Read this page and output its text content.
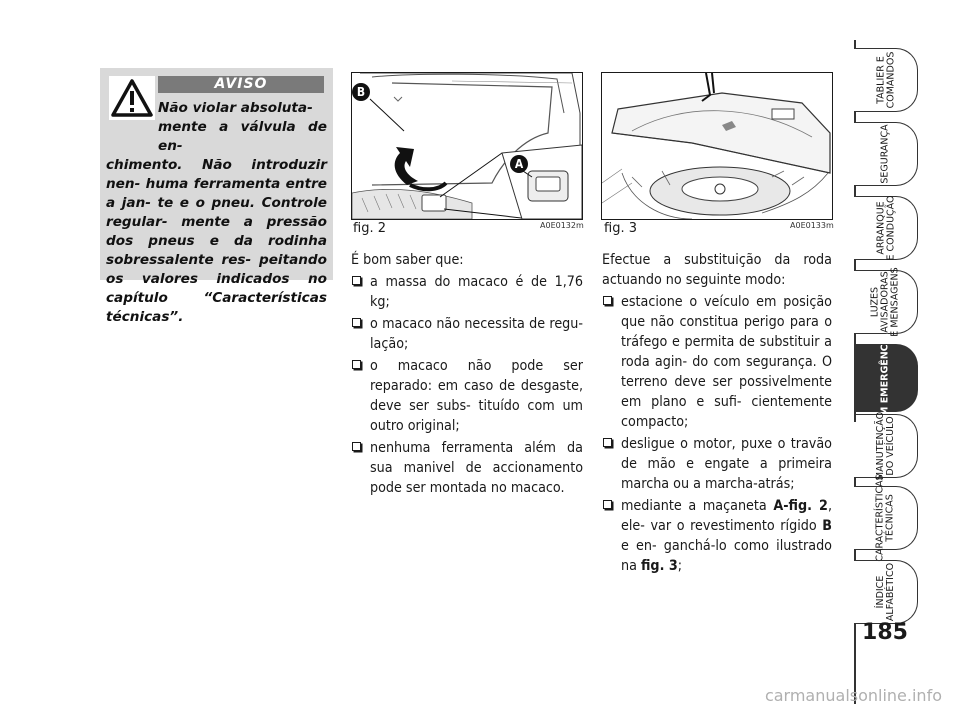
AVISO
Não violar absoluta-
mente a válvula de en-
chimento. Não introduzir nen- huma ferramenta entre a jan- te e o pneu. Controle regular- mente a pressão dos pneus e da rodinha sobressalente res- peitando os valores indicados no capítulo “Características técnicas”.
B
A
fig. 2	A0E0132m fig. 3	A0E0133m

É bom saber que:

a massa do macaco é de 1,76 kg;

o macaco não necessita de regu- lação;

o macaco não pode ser reparado: em caso de desgaste, deve ser subs- tituído com um outro original;

nenhuma ferramenta além da sua manivel de accionamento pode ser montada no macaco.

Efectue a substituição da roda actuando no seguinte modo:

estacione o veículo em posição que não constitua perigo para o tráfego e permita de substituir a roda agin- do com segurança. O terreno deve ser possivelmente em plano e sufi- cientemente compacto;

desligue o motor, puxe o travão de mão e engate a primeira marcha ou a marcha-atrás;

mediante a maçaneta A-fig. 2, ele- var o revestimento rígido B e en- ganchá-lo como ilustrado na fig. 3;

TABLIER E
COMANDOS
SEGURANÇA
ARRANQUE
E CONDUÇÃO
LUZES
AVISADORAS
E MENSAGENS
EM EMERGÊNCIA
MANUTENÇÃO
DO VEÍCULO
CARACTERÍSTICAS
TÉCNICAS
ÍNDICE
ALFABÉTICO
185
carmanualsonline.info
